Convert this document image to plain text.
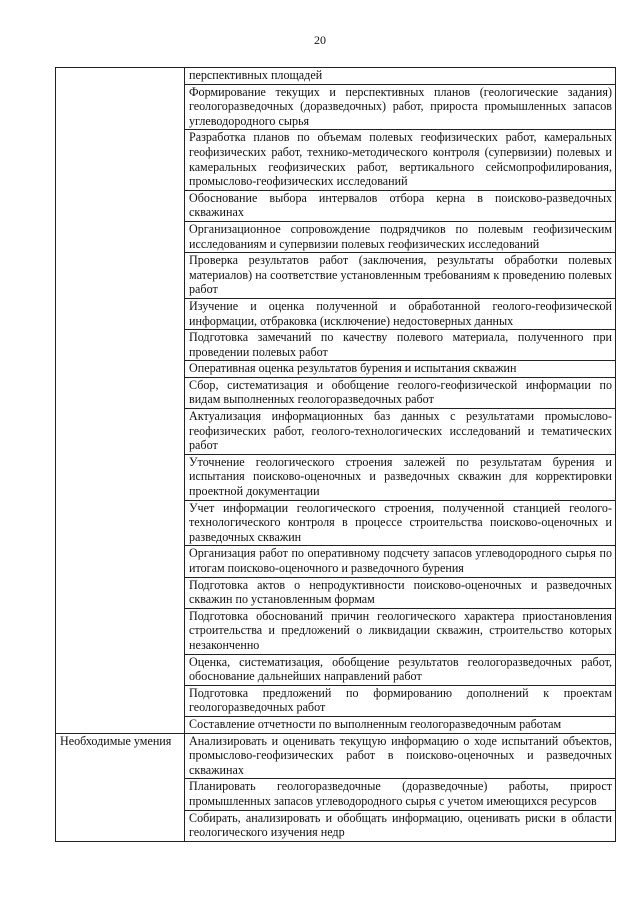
20
	перспективных площадей
	Формирование текущих и перспективных планов (геологические задания) геологоразведочных (доразведочных) работ, прироста промышленных запасов углеводородного сырья
	Разработка планов по объемам полевых геофизических работ, камеральных геофизических работ, технико-методического контроля (супервизии) полевых и камеральных геофизических работ, вертикального сейсмопрофилирования, промыслово-геофизических исследований
	Обоснование выбора интервалов отбора керна в поисково-разведочных скважинах
	Организационное сопровождение подрядчиков по полевым геофизическим исследованиям и супервизии полевых геофизических исследований
	Проверка результатов работ (заключения, результаты обработки полевых материалов) на соответствие установленным требованиям к проведению полевых работ
	Изучение и оценка полученной и обработанной геолого-геофизической информации, отбраковка (исключение) недостоверных данных
	Подготовка замечаний по качеству полевого материала, полученного при проведении полевых работ
	Оперативная оценка результатов бурения и испытания скважин
	Сбор, систематизация и обобщение геолого-геофизической информации по видам выполненных геологоразведочных работ
	Актуализация информационных баз данных с результатами промыслово-геофизических работ, геолого-технологических исследований и тематических работ
	Уточнение геологического строения залежей по результатам бурения и испытания поисково-оценочных и разведочных скважин для корректировки проектной документации
	Учет информации геологического строения, полученной станцией геолого-технологического контроля в процессе строительства поисково-оценочных и разведочных скважин
	Организация работ по оперативному подсчету запасов углеводородного сырья по итогам поисково-оценочного и разведочного бурения
	Подготовка актов о непродуктивности поисково-оценочных и разведочных скважин по установленным формам
	Подготовка обоснований причин геологического характера приостановления строительства и предложений о ликвидации скважин, строительство которых незаконченно
	Оценка, систематизация, обобщение результатов геологоразведочных работ, обоснование дальнейших направлений работ
	Подготовка предложений по формированию дополнений к проектам геологоразведочных работ
	Составление отчетности по выполненным геологоразведочным работам
Необходимые умения	Анализировать и оценивать текущую информацию о ходе испытаний объектов, промыслово-геофизических работ в поисково-оценочных и разведочных скважинах
	Планировать геологоразведочные (доразведочные) работы, прирост промышленных запасов углеводородного сырья с учетом имеющихся ресурсов
	Собирать, анализировать и обобщать информацию, оценивать риски в области геологического изучения недр
